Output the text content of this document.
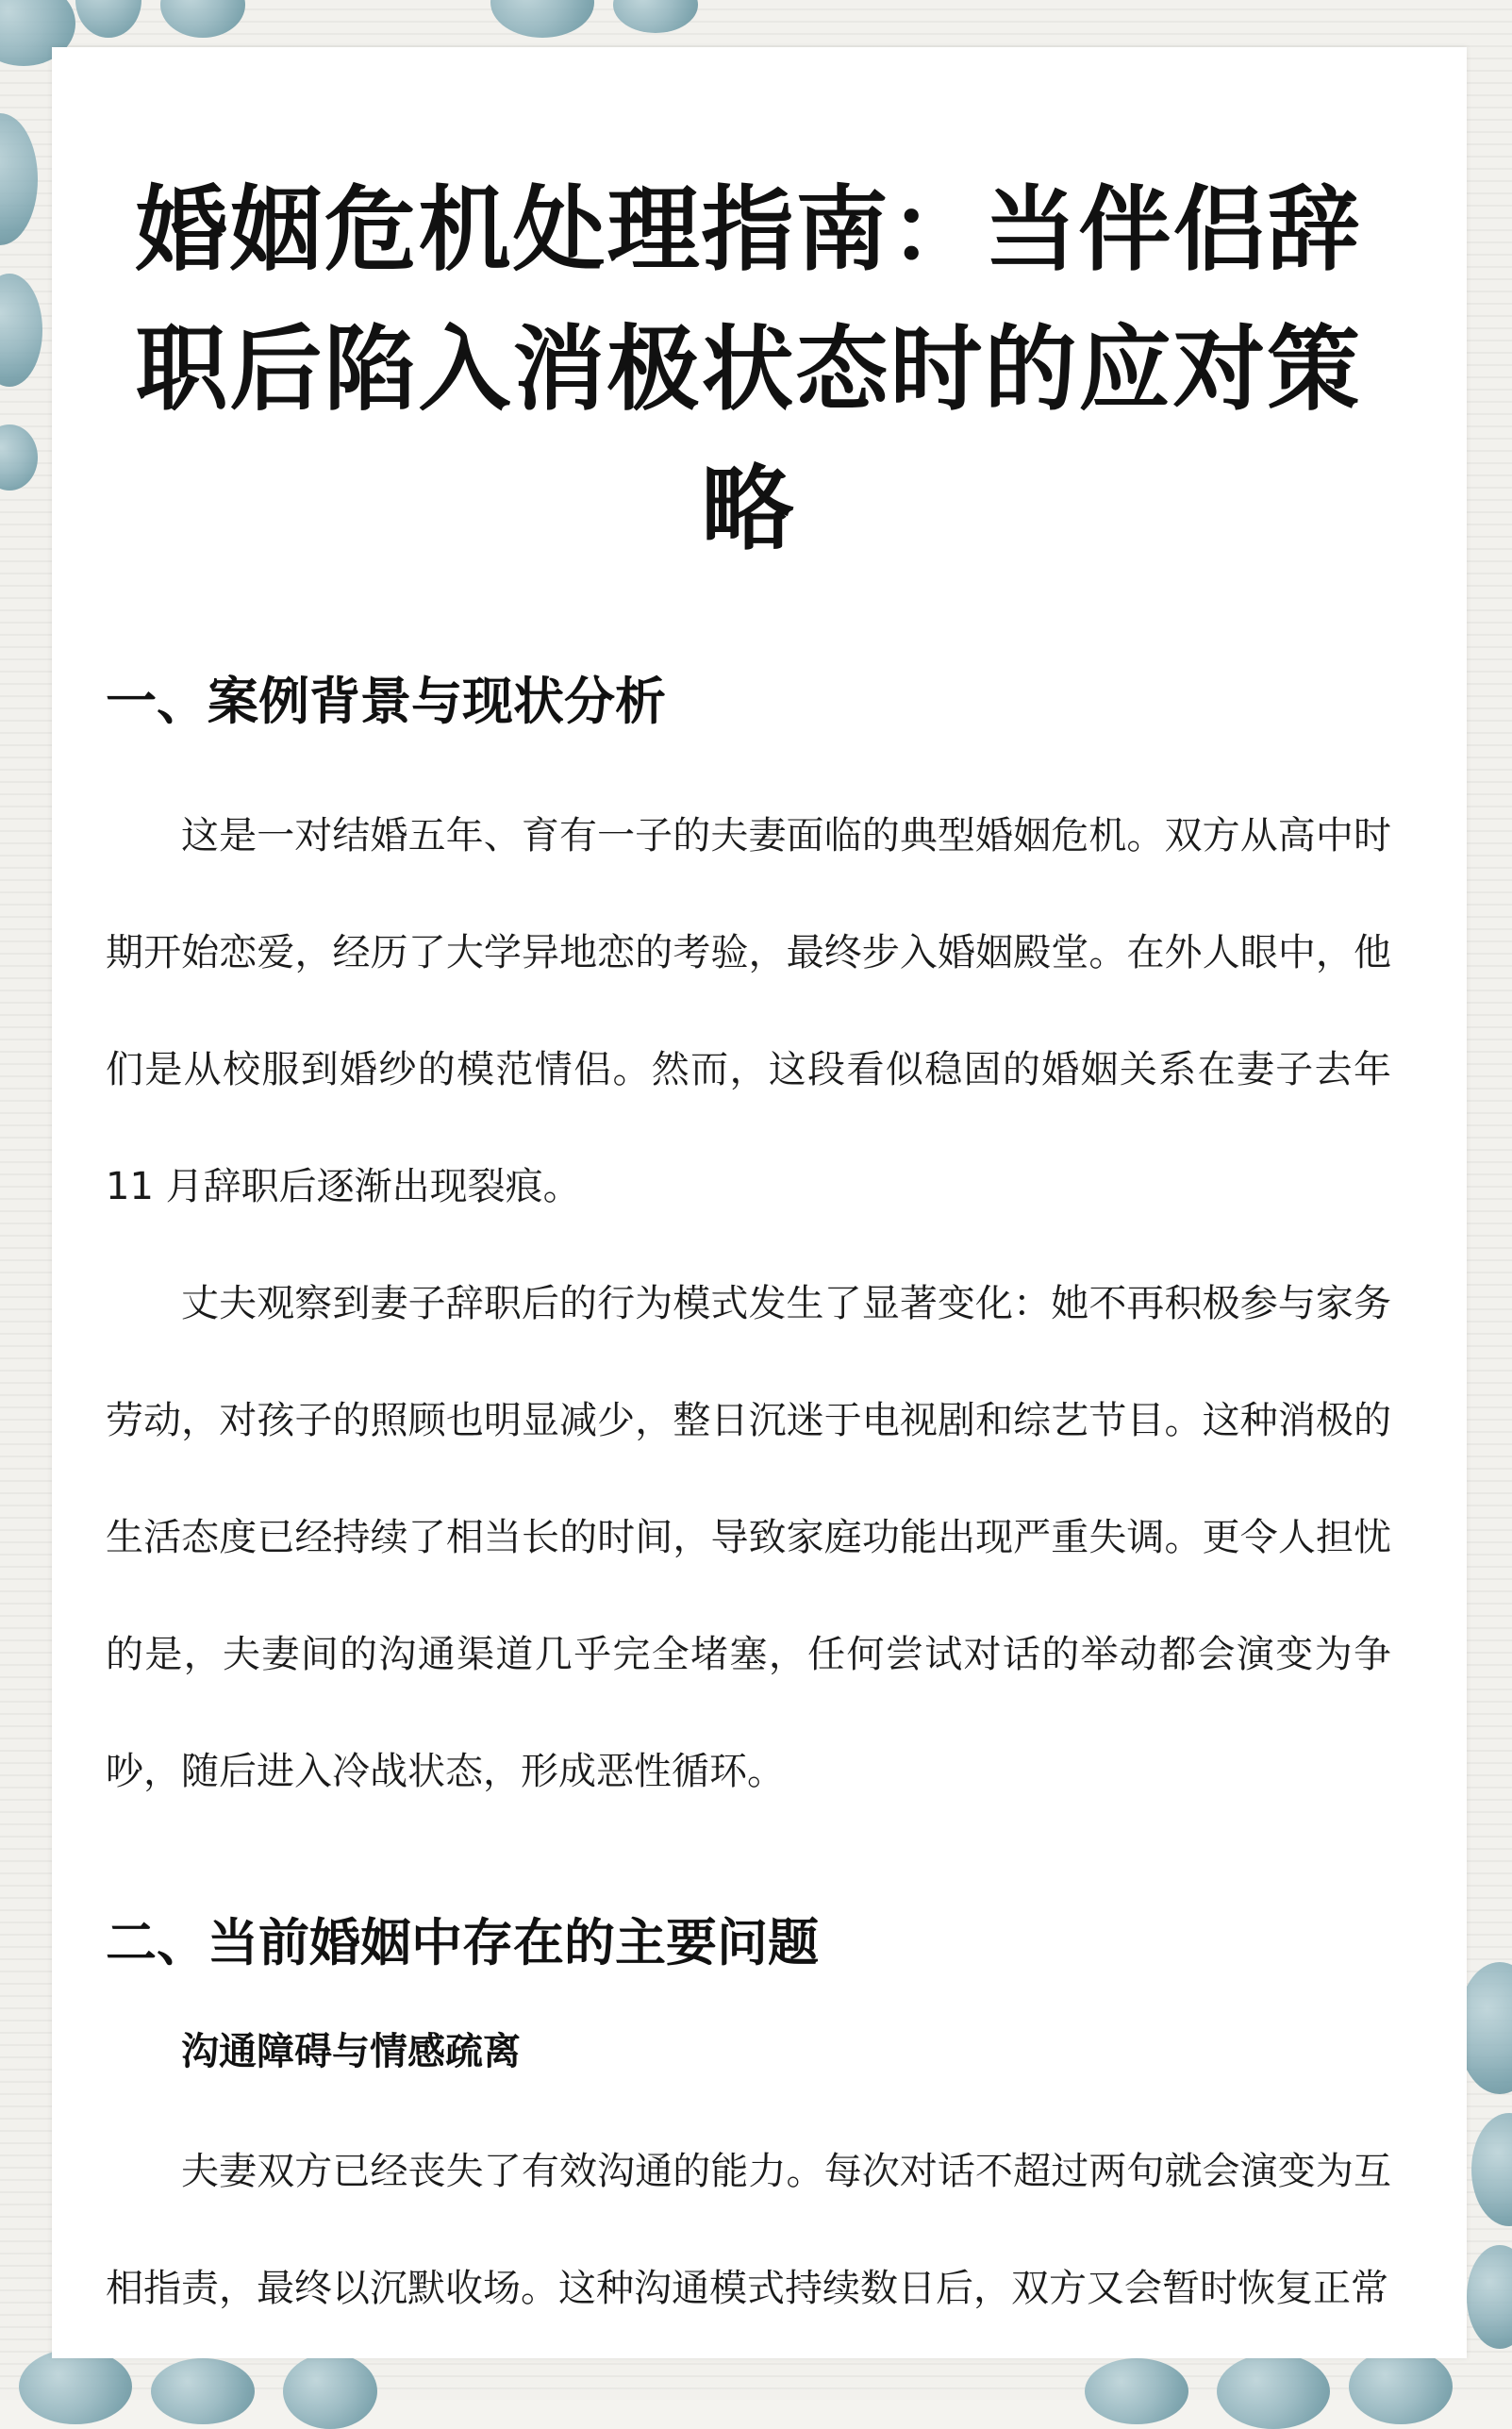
婚姻危机处理指南：当伴侣辞职后陷入消极状态时的应对策略
一、案例背景与现状分析

这是一对结婚五年、育有一子的夫妻面临的典型婚姻危机。双方从高中时期开始恋爱，经历了大学异地恋的考验，最终步入婚姻殿堂。在外人眼中，他们是从校服到婚纱的模范情侣。然而，这段看似稳固的婚姻关系在妻子去年 11 月辞职后逐渐出现裂痕。

丈夫观察到妻子辞职后的行为模式发生了显著变化：她不再积极参与家务劳动，对孩子的照顾也明显减少，整日沉迷于电视剧和综艺节目。这种消极的生活态度已经持续了相当长的时间，导致家庭功能出现严重失调。更令人担忧的是，夫妻间的沟通渠道几乎完全堵塞，任何尝试对话的举动都会演变为争吵，随后进入冷战状态，形成恶性循环。

二、当前婚姻中存在的主要问题
沟通障碍与情感疏离

夫妻双方已经丧失了有效沟通的能力。每次对话不超过两句就会演变为互相指责，最终以沉默收场。这种沟通模式持续数日后，双方又会暂时恢复正常
